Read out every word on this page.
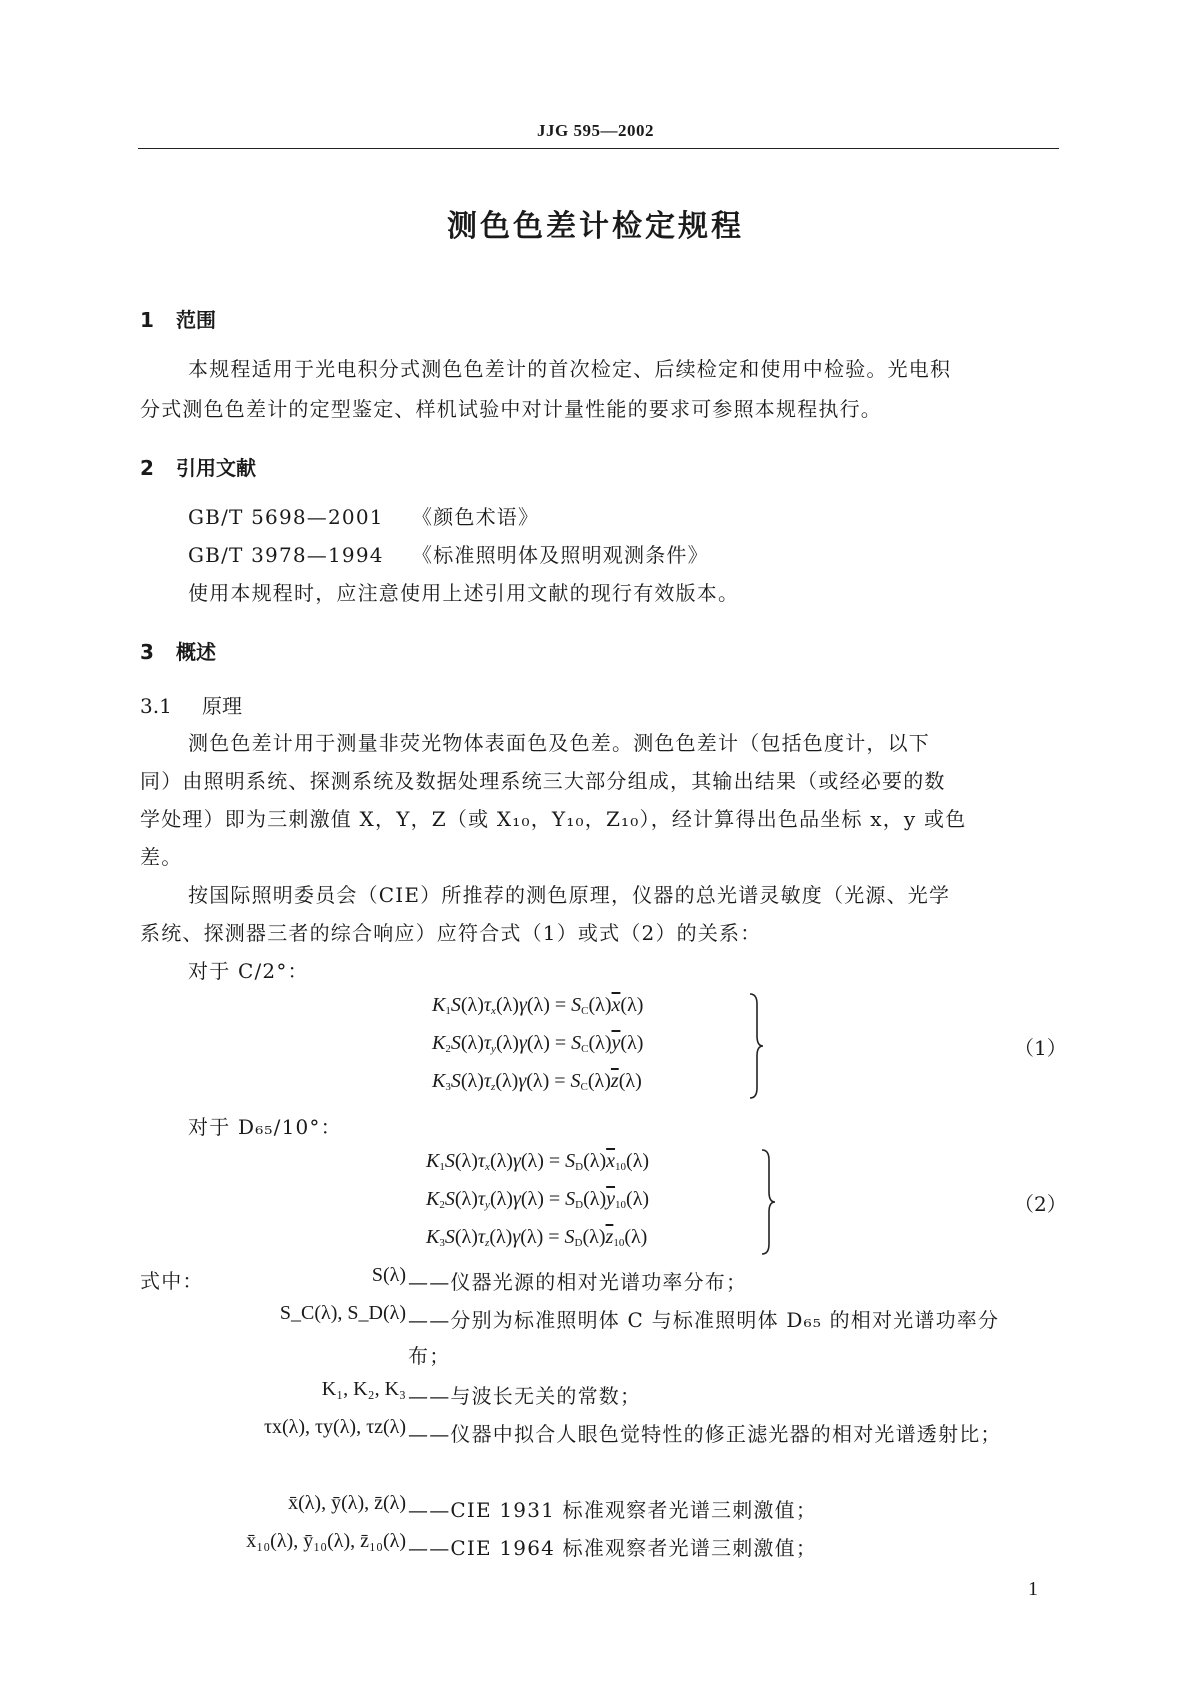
JJG 595—2002
测色色差计检定规程
1 范围
本规程适用于光电积分式测色色差计的首次检定、后续检定和使用中检验。光电积
分式测色色差计的定型鉴定、样机试验中对计量性能的要求可参照本规程执行。
2 引用文献
GB/T 5698—2001 《颜色术语》
GB/T 3978—1994 《标准照明体及照明观测条件》
使用本规程时，应注意使用上述引用文献的现行有效版本。
3 概述
3.1 原理
测色色差计用于测量非荧光物体表面色及色差。测色色差计（包括色度计，以下
同）由照明系统、探测系统及数据处理系统三大部分组成，其输出结果（或经必要的数
学处理）即为三刺激值 X，Y，Z（或 X₁₀，Y₁₀，Z₁₀），经计算得出色品坐标 x，y 或色
差。
按国际照明委员会（CIE）所推荐的测色原理，仪器的总光谱灵敏度（光源、光学
系统、探测器三者的综合响应）应符合式（1）或式（2）的关系：
对于 C/2°：
$K_1S(\lambda)\tau_x(\lambda)\gamma(\lambda) = S_C(\lambda)\overline{x}(\lambda)$
$K_2S(\lambda)\tau_y(\lambda)\gamma(\lambda) = S_C(\lambda)\overline{y}(\lambda)$
$K_3S(\lambda)\tau_z(\lambda)\gamma(\lambda) = S_C(\lambda)\overline{z}(\lambda)$
（1）
对于 D₆₅/10°：
$K_1S(\lambda)\tau_x(\lambda)\gamma(\lambda) = S_D(\lambda)\overline{x}_{10}(\lambda)$
$K_2S(\lambda)\tau_y(\lambda)\gamma(\lambda) = S_D(\lambda)\overline{y}_{10}(\lambda)$
$K_3S(\lambda)\tau_z(\lambda)\gamma(\lambda) = S_D(\lambda)\overline{z}_{10}(\lambda)$
（2）
式中：	S(λ) ——仪器光源的相对光谱功率分布；
S_C(λ), S_D(λ) ——分别为标准照明体 C 与标准照明体 D₆₅ 的相对光谱功率分布；
K₁, K₂, K₃ ——与波长无关的常数；
τx(λ), τy(λ), τz(λ) ——仪器中拟合人眼色觉特性的修正滤光器的相对光谱透射比；
x̄(λ), ȳ(λ), z̄(λ) ——CIE 1931 标准观察者光谱三刺激值；
x̄₁₀(λ), ȳ₁₀(λ), z̄₁₀(λ) ——CIE 1964 标准观察者光谱三刺激值；
1
